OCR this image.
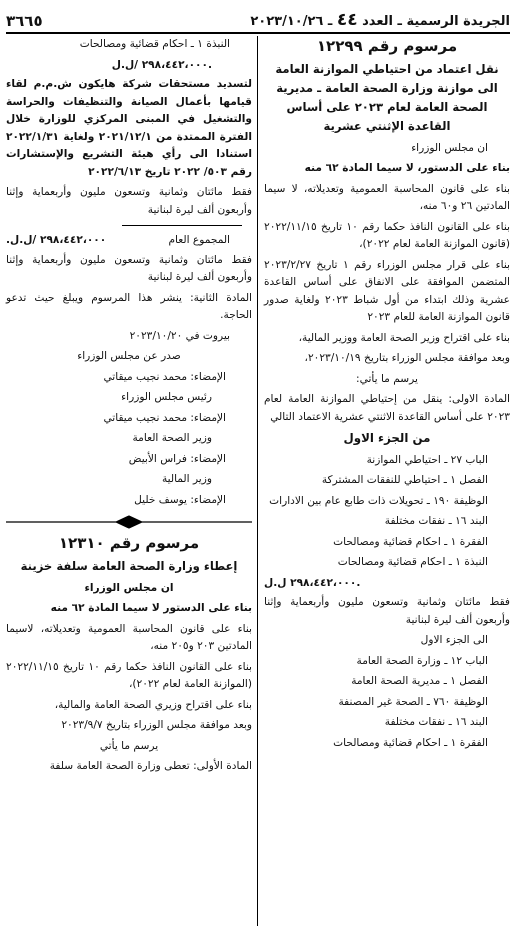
الجريدة الرسمية ـ العدد ٤٤ ـ ٢٠٢٣/١٠/٢٦
٣٦٦٥
مرسوم رقم ١٢٢٩٩
نقل اعتماد من احتياطي الموازنة العامة الى موازنة وزارة الصحة العامة ـ مديرية الصحة العامة لعام ٢٠٢٣ على أساس القاعدة الإثنتي عشرية

ان مجلس الوزراء

بناء على الدستور، لا سيما المادة ٦٢ منه

بناء على قانون المحاسبة العمومية وتعديلاته، لا سيما المادتين ٢٦ و٦٠ منه،

بناء على القانون النافذ حكما رقم ١٠ تاريخ ٢٠٢٢/١١/١٥ (قانون الموازنة العامة لعام ٢٠٢٢)،

بناء على قرار مجلس الوزراء رقم ١ تاريخ ٢٠٢٣/٢/٢٧ المتضمن الموافقة على الانفاق على أساس القاعدة عشرية وذلك ابتداء من أول شباط ٢٠٢٣ ولغاية صدور قانون الموازنة العامة للعام ٢٠٢٣

بناء على اقتراح وزير الصحة العامة ووزير المالية،

وبعد موافقة مجلس الوزراء بتاريخ ٢٠٢٣/١٠/١٩،

يرسم ما يأتي:

المادة الاولى: ينقل من إحتياطي الموازنة العامة لعام ٢٠٢٣ على أساس القاعدة الاثنتي عشرية الاعتماد التالي

من الجزء الاول

الباب ٢٧ ـ احتياطي الموازنة

الفصل ١ ـ احتياطي للنفقات المشتركة

الوظيفة ١٩٠ ـ تحويلات ذات طابع عام بين الادارات

البند ١٦ ـ نفقات مختلفة

الفقرة ١ ـ احكام قضائية ومصالحات

النبذة ١ ـ احكام قضائية ومصالحات

٢٩٨،٤٤٢،٠٠٠ ل.ل.

فقط مائتان وثمانية وتسعون مليون وأربعماية وإثنا وأربعون ألف ليرة لبنانية

الى الجزء الاول

الباب ١٢ ـ وزارة الصحة العامة

الفصل ١ ـ مديرية الصحة العامة

الوظيفة ٧٦٠ ـ الصحة غير المصنفة

البند ١٦ ـ نفقات مختلفة

الفقرة ١ ـ احكام قضائية ومصالحات

النبذة ١ ـ احكام قضائية ومصالحات

٢٩٨،٤٤٢،٠٠٠ /ل.ل.

لتسديد مستحقات شركة هايكون ش.م.م لقاء قيامها بأعمال الصيانة والتنظيفات والحراسة والتشغيل في المبنى المركزي للوزارة خلال الفترة الممتدة من ٢٠٢١/١٢/١ ولغاية ٢٠٢٢/١/٣١ استنادا الى رأي هيئة التشريع والإستشارات رقم ٥٠٣/ ٢٠٢٢ تاريخ ٢٠٢٢/٦/١٣

فقط مائتان وثمانية وتسعون مليون وأربعماية وإثنا وأربعون ألف ليرة لبنانية

المجموع العام
٢٩٨،٤٤٢،٠٠٠ /ل.ل.

فقط مائتان وثمانية وتسعون مليون وأربعماية وإثنا وأربعون ألف ليرة لبنانية

المادة الثانية: ينشر هذا المرسوم ويبلغ حيث تدعو الحاجة.

بيروت في ٢٠٢٣/١٠/٢٠

صدر عن مجلس الوزراء

الإمضاء: محمد نجيب ميقاتي

رئيس مجلس الوزراء

الإمضاء: محمد نجيب ميقاتي

وزير الصحة العامة

الإمضاء: فراس الأبيض

وزير المالية

الإمضاء: يوسف خليل

مرسوم رقم ١٢٣١٠
إعطاء وزارة الصحة العامة سلفة خزينة

ان مجلس الوزراء

بناء على الدستور لا سيما المادة ٦٢ منه

بناء على قانون المحاسبة العمومية وتعديلاته، لاسيما المادتين ٢٠٣ و٢٠٥ منه،

بناء على القانون النافذ حكما رقم ١٠ تاريخ ٢٠٢٢/١١/١٥ (الموازنة العامة لعام ٢٠٢٢)،

بناء على اقتراح وزيري الصحة العامة والمالية،

وبعد موافقة مجلس الوزراء بتاريخ ٢٠٢٣/٩/٧

يرسم ما يأتي

المادة الأولى: تعطى وزارة الصحة العامة سلفة
